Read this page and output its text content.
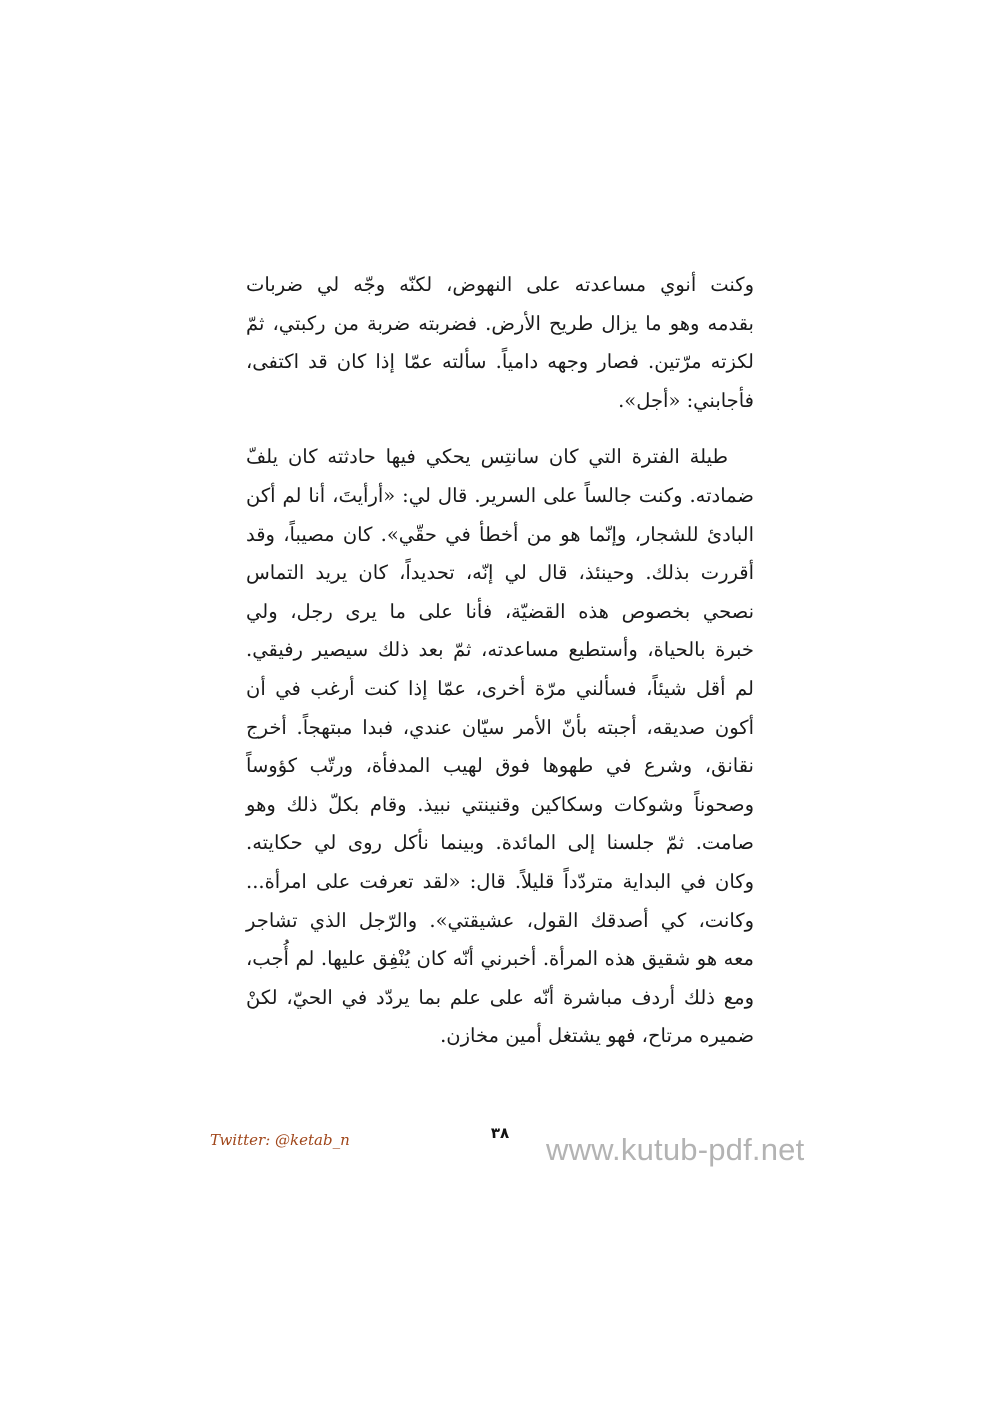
وكنت أنوي مساعدته على النهوض، لكنّه وجّه لي ضربات
بقدمه وهو ما يزال طريح الأرض. فضربته ضربة من ركبتي، ثمّ
لكزته مرّتين. فصار وجهه دامياً. سألته عمّا إذا كان قد اكتفى،
فأجابني: «أجل».
طيلة الفترة التي كان سانتِس يحكي فيها حادثته كان يلفّ
ضمادته. وكنت جالساً على السرير. قال لي: «أرأيتَ، أنا لم أكن
البادئ للشجار، وإنّما هو من أخطأ في حقّي». كان مصيباً، وقد
أقررت بذلك. وحينئذ، قال لي إنّه، تحديداً، كان يريد التماس
نصحي بخصوص هذه القضيّة، فأنا على ما يرى رجل، ولي
خبرة بالحياة، وأستطيع مساعدته، ثمّ بعد ذلك سيصير رفيقي.
لم أقل شيئاً، فسألني مرّة أخرى، عمّا إذا كنت أرغب في أن
أكون صديقه، أجبته بأنّ الأمر سيّان عندي، فبدا مبتهجاً. أخرج
نقانق، وشرع في طهوها فوق لهيب المدفأة، ورتّب كؤوساً
وصحوناً وشوكات وسكاكين وقنينتي نبيذ. وقام بكلّ ذلك وهو
صامت. ثمّ جلسنا إلى المائدة. وبينما نأكل روى لي حكايته.
وكان في البداية متردّداً قليلاً. قال: «لقد تعرفت على امرأة...
وكانت، كي أصدقك القول، عشيقتي». والرّجل الذي تشاجر
معه هو شقيق هذه المرأة. أخبرني أنّه كان يُنْفِق عليها. لم أُجب،
ومع ذلك أردف مباشرة أنّه على علم بما يردّد في الحيّ، لكنْ
ضميره مرتاح، فهو يشتغل أمين مخازن.
Twitter: @ketab_n	٣٨	www.kutub-pdf.net
